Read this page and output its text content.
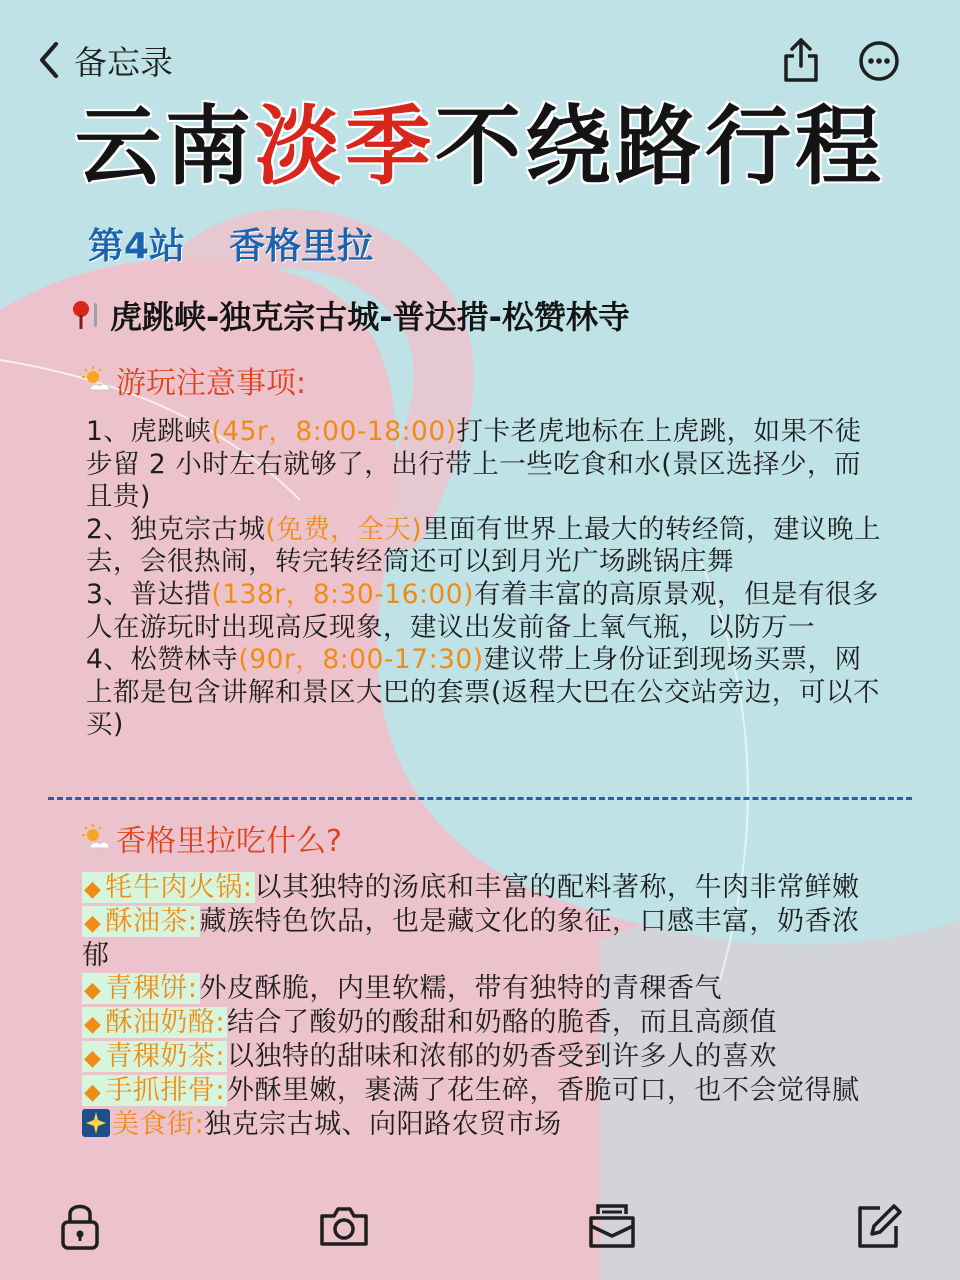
备忘录
云南淡季不绕路行程
第4站 香格里拉
虎跳峡-独克宗古城-普达措-松赞林寺
游玩注意事项:

1、虎跳峡(45r，8:00-18:00)打卡老虎地标在上虎跳，如果不徒步留 2 小时左右就够了，出行带上一些吃食和水(景区选择少，而且贵)

2、独克宗古城(免费，全天)里面有世界上最大的转经筒，建议晚上去，会很热闹，转完转经筒还可以到月光广场跳锅庄舞

3、普达措(138r，8:30-16:00)有着丰富的高原景观，但是有很多人在游玩时出现高反现象，建议出发前备上氧气瓶，以防万一

4、松赞林寺(90r，8:00-17:30)建议带上身份证到现场买票，网上都是包含讲解和景区大巴的套票(返程大巴在公交站旁边，可以不买)

香格里拉吃什么?

◆ 牦牛肉火锅:以其独特的汤底和丰富的配料著称，牛肉非常鲜嫩

◆ 酥油茶:藏族特色饮品，也是藏文化的象征，口感丰富，奶香浓郁

◆ 青稞饼:外皮酥脆，内里软糯，带有独特的青稞香气

◆ 酥油奶酪:结合了酸奶的酸甜和奶酪的脆香，而且高颜值

◆ 青稞奶茶:以独特的甜味和浓郁的奶香受到许多人的喜欢

◆ 手抓排骨:外酥里嫩，裹满了花生碎，香脆可口，也不会觉得腻

美食街:独克宗古城、向阳路农贸市场
